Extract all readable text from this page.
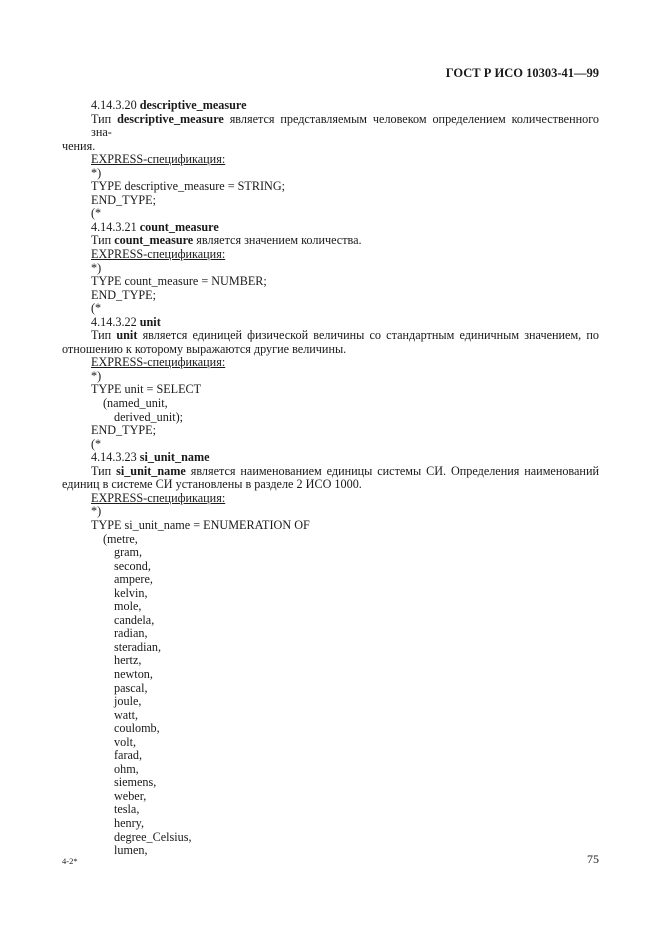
ГОСТ Р ИСО 10303-41—99
4.14.3.20 descriptive_measure
Тип descriptive_measure является представляемым человеком определением количественного зна-
чения.
EXPRESS-спецификация:
*)
TYPE descriptive_measure = STRING;
END_TYPE;
(*
4.14.3.21 count_measure
Тип count_measure является значением количества.
EXPRESS-спецификация:
*)
TYPE count_measure = NUMBER;
END_TYPE;
(*
4.14.3.22 unit
Тип unit является единицей физической величины со стандартным единичным значением, по
отношению к которому выражаются другие величины.
EXPRESS-спецификация:
*)
TYPE unit = SELECT
(named_unit,
derived_unit);
END_TYPE;
(*
4.14.3.23 si_unit_name
Тип si_unit_name является наименованием единицы системы СИ. Определения наименований
единиц в системе СИ установлены в разделе 2 ИСО 1000.
EXPRESS-спецификация:
*)
TYPE si_unit_name = ENUMERATION OF
(metre,
gram,
second,
ampere,
kelvin,
mole,
candela,
radian,
steradian,
hertz,
newton,
pascal,
joule,
watt,
coulomb,
volt,
farad,
ohm,
siemens,
weber,
tesla,
henry,
degree_Celsius,
lumen,
4-2*	75
